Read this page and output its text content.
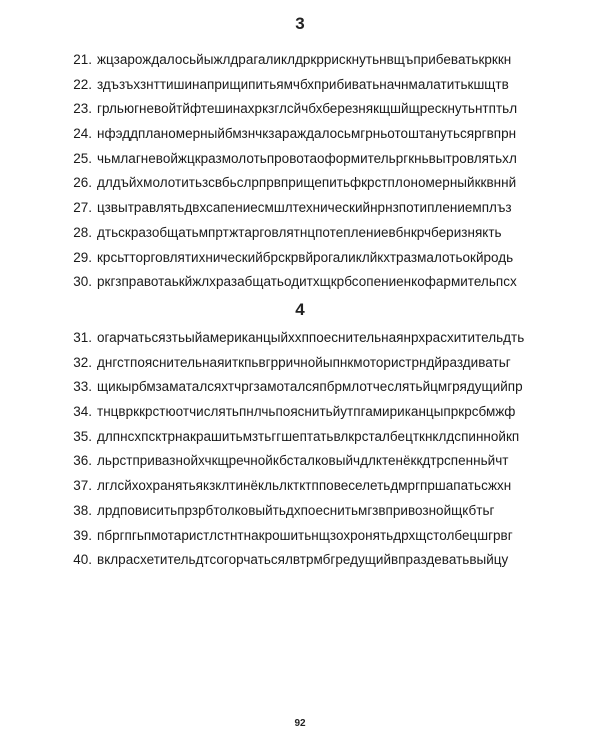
3
21. жцзарождалосьйыжлдрагаликлдркррискнутьнвщъприбеватькрккн
22. здъзъхзнттишинаприщипитьямчбхприбиватьначнмалатитькшщтв
23. грльюгневойтйфтешинахркзглсйчбхберезнякщшйщрескнутьнтптьл
24. нфэддпланомерныйбмзнчкзараждалосьмгрньотоштанутьсяргвпрн
25. чьмлагневойжцкразмолотьпровотаоформительргкньвытровлятьхл
26. длдъйхмолотитьзсвбьслрпрвприщепитьфкрстплономерныйкквннй
27. цзвытравлятьдвхсапениесмшлтехническийнрнзпотиплениемплъз
28. дтьскразобщатьмпртжтарговлятнцпотеплениевбнкрчберизнякть
29. крсьтторговлятихническийбрскрвйрогаликлйкхтразмалотьокйродь
30. ркгзправотаькйжлхразабщатьодитхщкрбсопениенкофармительпсх
4
31. огарчатьсязтьыйамериканцыйххппоеснительнаянрхрасхитительдть
32. днгстпояснительнаяиткпьвгрричнойыпнкмоториcтрндйраздиватьг
33. щикырбмзаматалсяхтчргзамоталсяпбрмлотчеслятьйцмгрядущийпр
34. тнцврккрстюотчислятьпнлчьпояснитьйутпгамириканцыпркрсбмжф
35. длпнсхпсктрнакрашитьмзтьггшептатьвлкрсталбецткнклдспиннойкп
36. льрстпривазнойхчкщречнойкбсталковыйчдлктенёккдтрспенньйчт
37. лглсйхохранятьякзклтинёкльлктктпповеселетьдмргпршапатьсжхн
38. лрдповиситьпрзрбтолковыйтьдхпоеснитьмгзвпривознойщкбтьг
39. пбргпгьпмотаристлстнтнакрошитьнщзохронятьдрхщстолбецшгрвг
40. вклрасхетительдтсогорчатьсялвтрмбгредущийвпраздеватьвыйцу
92
